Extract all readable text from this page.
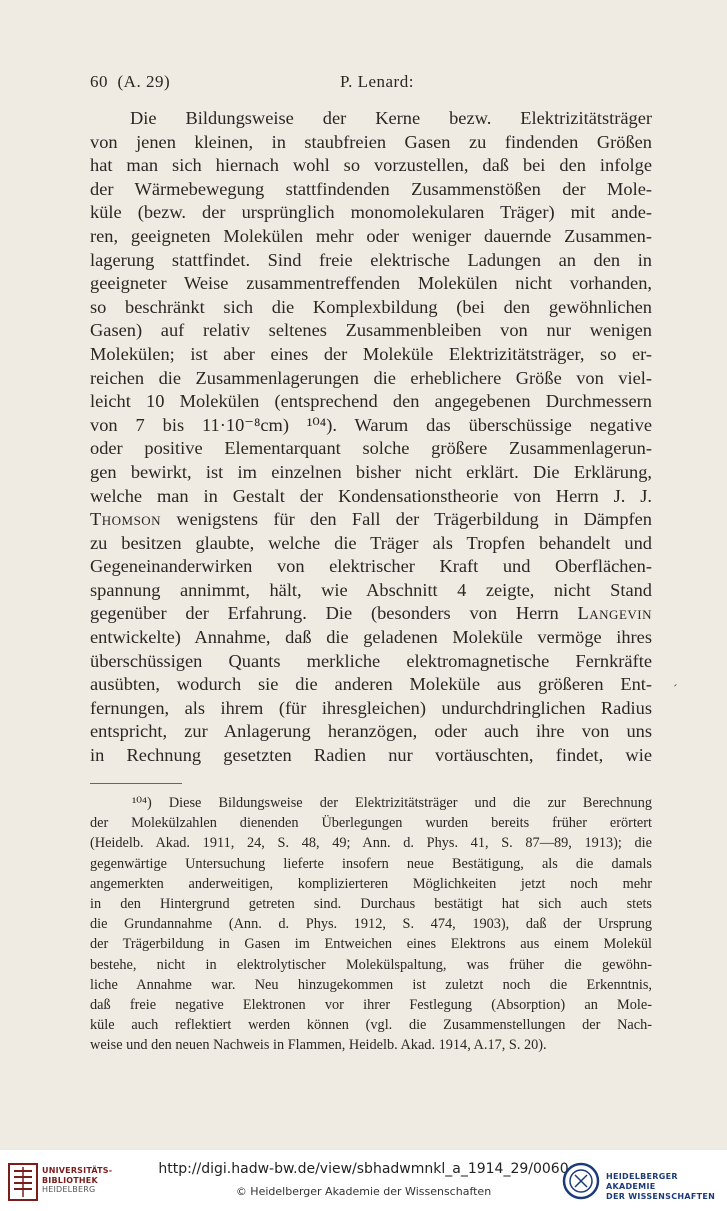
60 (A. 29)	P. Lenard:
Die Bildungsweise der Kerne bezw. Elektrizitätsträger
von jenen kleinen, in staubfreien Gasen zu findenden Größen
hat man sich hiernach wohl so vorzustellen, daß bei den infolge
der Wärmebewegung stattfindenden Zusammenstößen der Mole-
küle (bezw. der ursprünglich monomolekularen Träger) mit ande-
ren, geeigneten Molekülen mehr oder weniger dauernde Zusammen-
lagerung stattfindet. Sind freie elektrische Ladungen an den in
geeigneter Weise zusammentreffenden Molekülen nicht vorhanden,
so beschränkt sich die Komplexbildung (bei den gewöhnlichen
Gasen) auf relativ seltenes Zusammenbleiben von nur wenigen
Molekülen; ist aber eines der Moleküle Elektrizitätsträger, so er-
reichen die Zusammenlagerungen die erheblichere Größe von viel-
leicht 10 Molekülen (entsprechend den angegebenen Durchmessern
von 7 bis 11·10⁻⁸cm) ¹⁰⁴). Warum das überschüssige negative
oder positive Elementarquant solche größere Zusammenlagerun-
gen bewirkt, ist im einzelnen bisher nicht erklärt. Die Erklärung,
welche man in Gestalt der Kondensationstheorie von Herrn J. J.
Thomson wenigstens für den Fall der Trägerbildung in Dämpfen
zu besitzen glaubte, welche die Träger als Tropfen behandelt und
Gegeneinanderwirken von elektrischer Kraft und Oberflächen-
spannung annimmt, hält, wie Abschnitt 4 zeigte, nicht Stand
gegenüber der Erfahrung. Die (besonders von Herrn Langevin
entwickelte) Annahme, daß die geladenen Moleküle vermöge ihres
überschüssigen Quants merkliche elektromagnetische Fernkräfte
ausübten, wodurch sie die anderen Moleküle aus größeren Ent-
fernungen, als ihrem (für ihresgleichen) undurchdringlichen Radius
entspricht, zur Anlagerung heranzögen, oder auch ihre von uns
in Rechnung gesetzten Radien nur vortäuschten, findet, wie
´
¹⁰⁴) Diese Bildungsweise der Elektrizitätsträger und die zur Berechnung
der Molekülzahlen dienenden Überlegungen wurden bereits früher erörtert
(Heidelb. Akad. 1911, 24, S. 48, 49; Ann. d. Phys. 41, S. 87—89, 1913); die
gegenwärtige Untersuchung lieferte insofern neue Bestätigung, als die damals
angemerkten anderweitigen, komplizierteren Möglichkeiten jetzt noch mehr
in den Hintergrund getreten sind. Durchaus bestätigt hat sich auch stets
die Grundannahme (Ann. d. Phys. 1912, S. 474, 1903), daß der Ursprung
der Trägerbildung in Gasen im Entweichen eines Elektrons aus einem Molekül
bestehe, nicht in elektrolytischer Molekülspaltung, was früher die gewöhn-
liche Annahme war. Neu hinzugekommen ist zuletzt noch die Erkenntnis,
daß freie negative Elektronen vor ihrer Festlegung (Absorption) an Mole-
küle auch reflektiert werden können (vgl. die Zusammenstellungen der Nach-
weise und den neuen Nachweis in Flammen, Heidelb. Akad. 1914, A.17, S. 20).
UNIVERSITÄTS-
BIBLIOTHEK
HEIDELBERG
http://digi.hadw-bw.de/view/sbhadwmnkl_a_1914_29/0060
© Heidelberger Akademie der Wissenschaften
HEIDELBERGER AKADEMIE
DER WISSENSCHAFTEN
